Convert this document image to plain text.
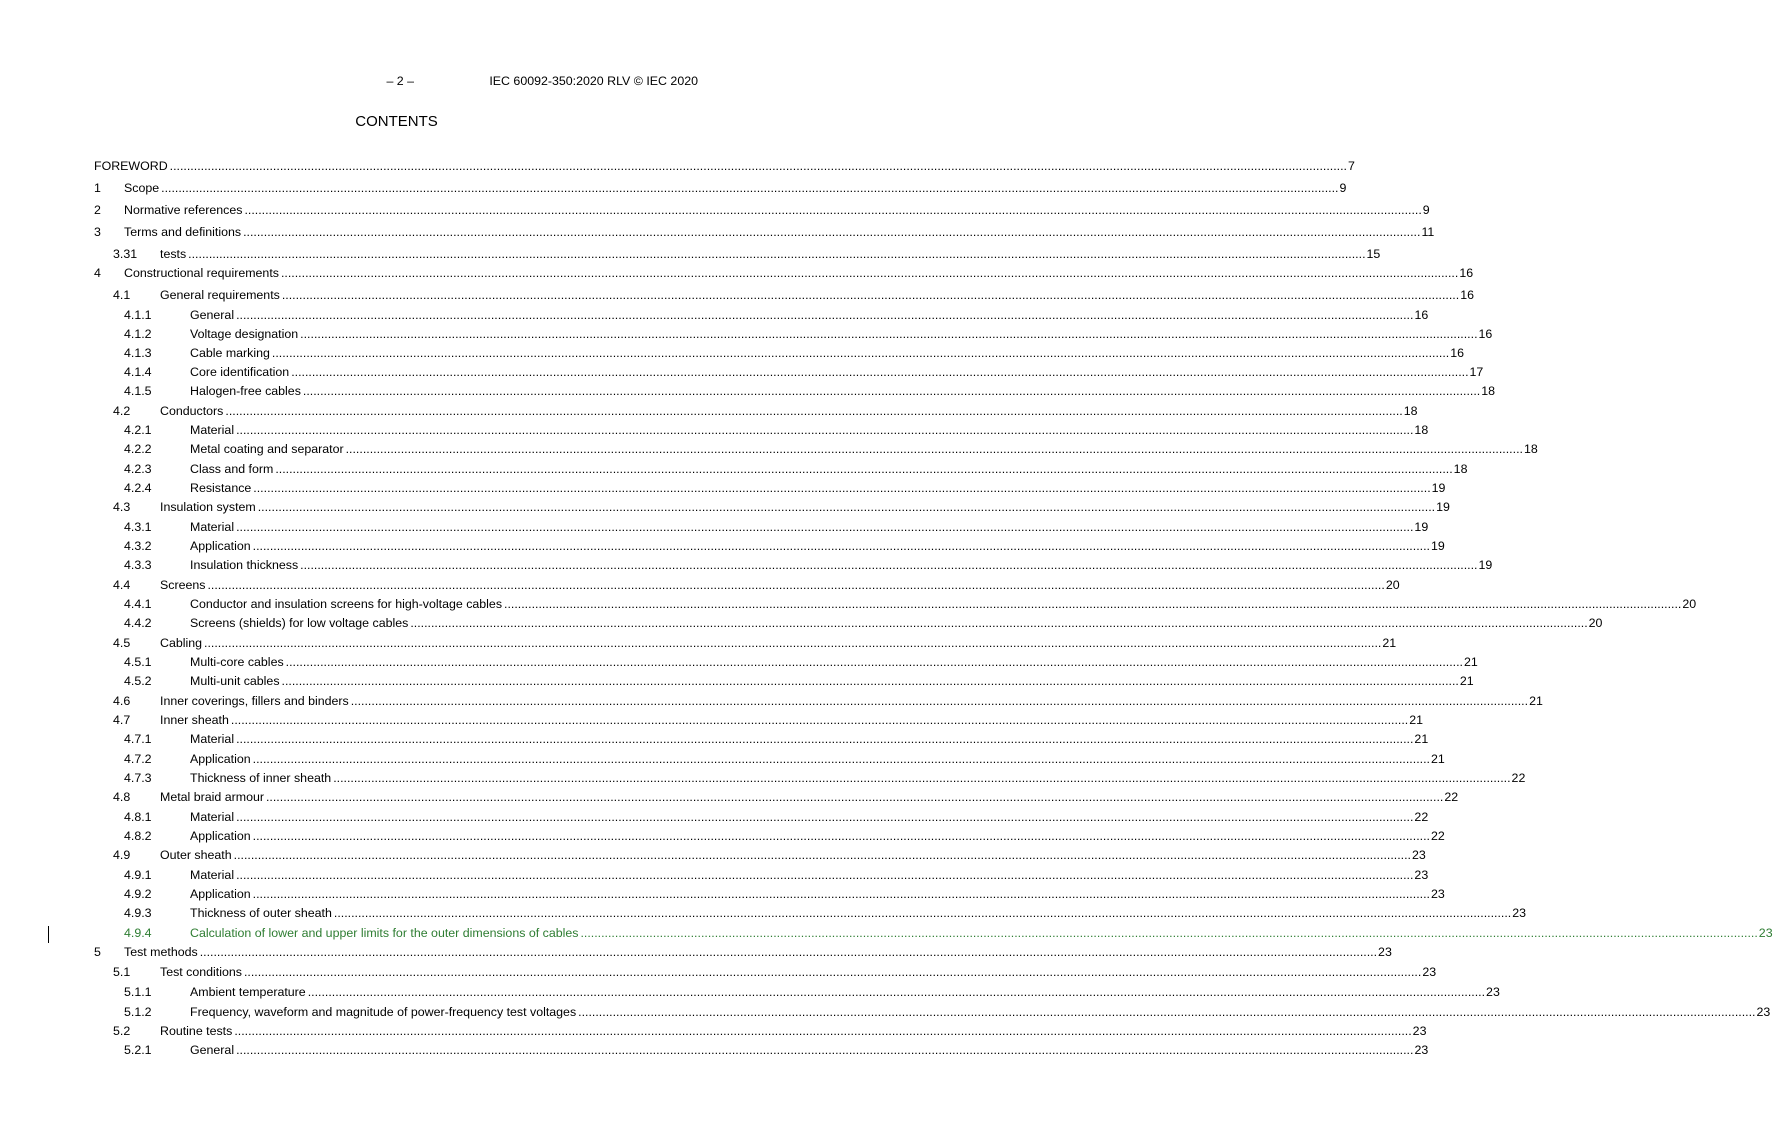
– 2 –	IEC 60092-350:2020 RLV © IEC 2020
CONTENTS
FOREWORD ...................................................................................................................................................................................................................................................................................................................................................... 7
1 Scope ...................................................................................................................................................................................................................................................................................................................................................... 9
2 Normative references ...................................................................................................................................................................................................................................................................................................................................................... 9
3 Terms and definitions ...................................................................................................................................................................................................................................................................................................................................................... 11
3.31 tests ...................................................................................................................................................................................................................................................................................................................................................... 15
4 Constructional requirements ...................................................................................................................................................................................................................................................................................................................................................... 16
4.1 General requirements ...................................................................................................................................................................................................................................................................................................................................................... 16
4.1.1	General ...................................................................................................................................................................................................................................................................................................................................................... 16
4.1.2	Voltage designation ...................................................................................................................................................................................................................................................................................................................................................... 16
4.1.3	Cable marking ...................................................................................................................................................................................................................................................................................................................................................... 16
4.1.4	Core identification ...................................................................................................................................................................................................................................................................................................................................................... 17
4.1.5	Halogen-free cables ...................................................................................................................................................................................................................................................................................................................................................... 18
4.2 Conductors ...................................................................................................................................................................................................................................................................................................................................................... 18
4.2.1	Material ...................................................................................................................................................................................................................................................................................................................................................... 18
4.2.2	Metal coating and separator ...................................................................................................................................................................................................................................................................................................................................................... 18
4.2.3	Class and form ...................................................................................................................................................................................................................................................................................................................................................... 18
4.2.4	Resistance ...................................................................................................................................................................................................................................................................................................................................................... 19
4.3 Insulation system ...................................................................................................................................................................................................................................................................................................................................................... 19
4.3.1	Material ...................................................................................................................................................................................................................................................................................................................................................... 19
4.3.2	Application ...................................................................................................................................................................................................................................................................................................................................................... 19
4.3.3	Insulation thickness ...................................................................................................................................................................................................................................................................................................................................................... 19
4.4 Screens ...................................................................................................................................................................................................................................................................................................................................................... 20
4.4.1	Conductor and insulation screens for high-voltage cables ...................................................................................................................................................................................................................................................................................................................................................... 20
4.4.2	Screens (shields) for low voltage cables ...................................................................................................................................................................................................................................................................................................................................................... 20
4.5 Cabling ...................................................................................................................................................................................................................................................................................................................................................... 21
4.5.1	Multi-core cables ...................................................................................................................................................................................................................................................................................................................................................... 21
4.5.2	Multi-unit cables ...................................................................................................................................................................................................................................................................................................................................................... 21
4.6 Inner coverings, fillers and binders ...................................................................................................................................................................................................................................................................................................................................................... 21
4.7 Inner sheath ...................................................................................................................................................................................................................................................................................................................................................... 21
4.7.1	Material ...................................................................................................................................................................................................................................................................................................................................................... 21
4.7.2	Application ...................................................................................................................................................................................................................................................................................................................................................... 21
4.7.3	Thickness of inner sheath ...................................................................................................................................................................................................................................................................................................................................................... 22
4.8 Metal braid armour ...................................................................................................................................................................................................................................................................................................................................................... 22
4.8.1	Material ...................................................................................................................................................................................................................................................................................................................................................... 22
4.8.2	Application ...................................................................................................................................................................................................................................................................................................................................................... 22
4.9 Outer sheath ...................................................................................................................................................................................................................................................................................................................................................... 23
4.9.1	Material ...................................................................................................................................................................................................................................................................................................................................................... 23
4.9.2	Application ...................................................................................................................................................................................................................................................................................................................................................... 23
4.9.3	Thickness of outer sheath ...................................................................................................................................................................................................................................................................................................................................................... 23
4.9.4	Calculation of lower and upper limits for the outer dimensions of cables ...................................................................................................................................................................................................................................................................................................................................................... 23
5 Test methods ...................................................................................................................................................................................................................................................................................................................................................... 23
5.1 Test conditions ...................................................................................................................................................................................................................................................................................................................................................... 23
5.1.1	Ambient temperature ...................................................................................................................................................................................................................................................................................................................................................... 23
5.1.2	Frequency, waveform and magnitude of power-frequency test voltages ...................................................................................................................................................................................................................................................................................................................................................... 23
5.2 Routine tests ...................................................................................................................................................................................................................................................................................................................................................... 23
5.2.1	General ...................................................................................................................................................................................................................................................................................................................................................... 23
